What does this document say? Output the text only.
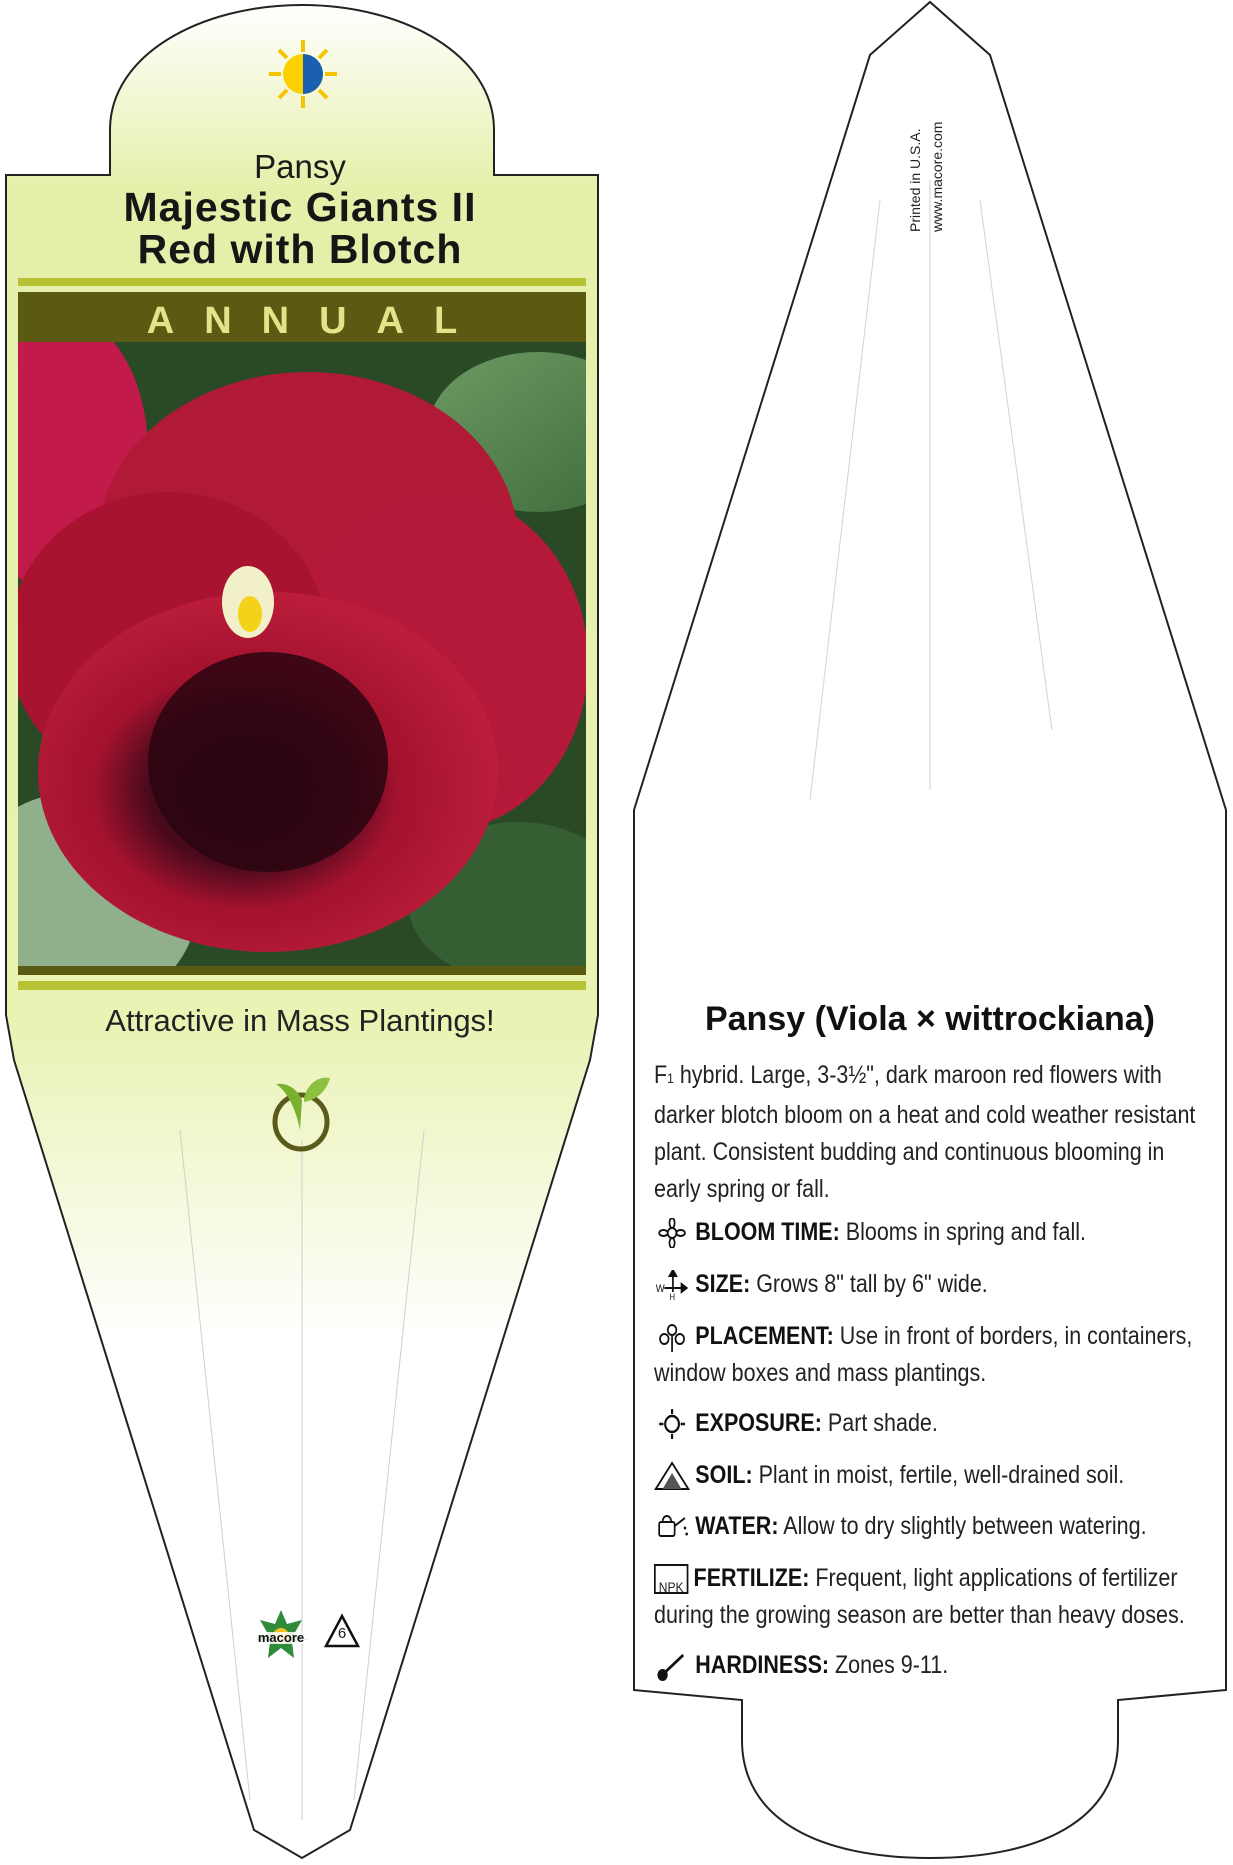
Pansy
Majestic Giants II
Red with Blotch
ANNUAL
Attractive in Mass Plantings!
macore	6
Printed in U.S.A.
www.macore.com
Pansy (Viola × wittrockiana)
F1 hybrid. Large, 3-3½", dark maroon red flowers with darker blotch bloom on a heat and cold weather resistant plant. Consistent budding and continuous blooming in early spring or fall.
BLOOM TIME: Blooms in spring and fall.
W
H SIZE: Grows 8" tall by 6" wide.
PLACEMENT: Use in front of borders, in containers, window boxes and mass plantings.
EXPOSURE: Part shade.
SOIL: Plant in moist, fertile, well-drained soil.
WATER: Allow to dry slightly between watering.
NPK FERTILIZE: Frequent, light applications of fertilizer during the growing season are better than heavy doses.
HARDINESS: Zones 9-11.
